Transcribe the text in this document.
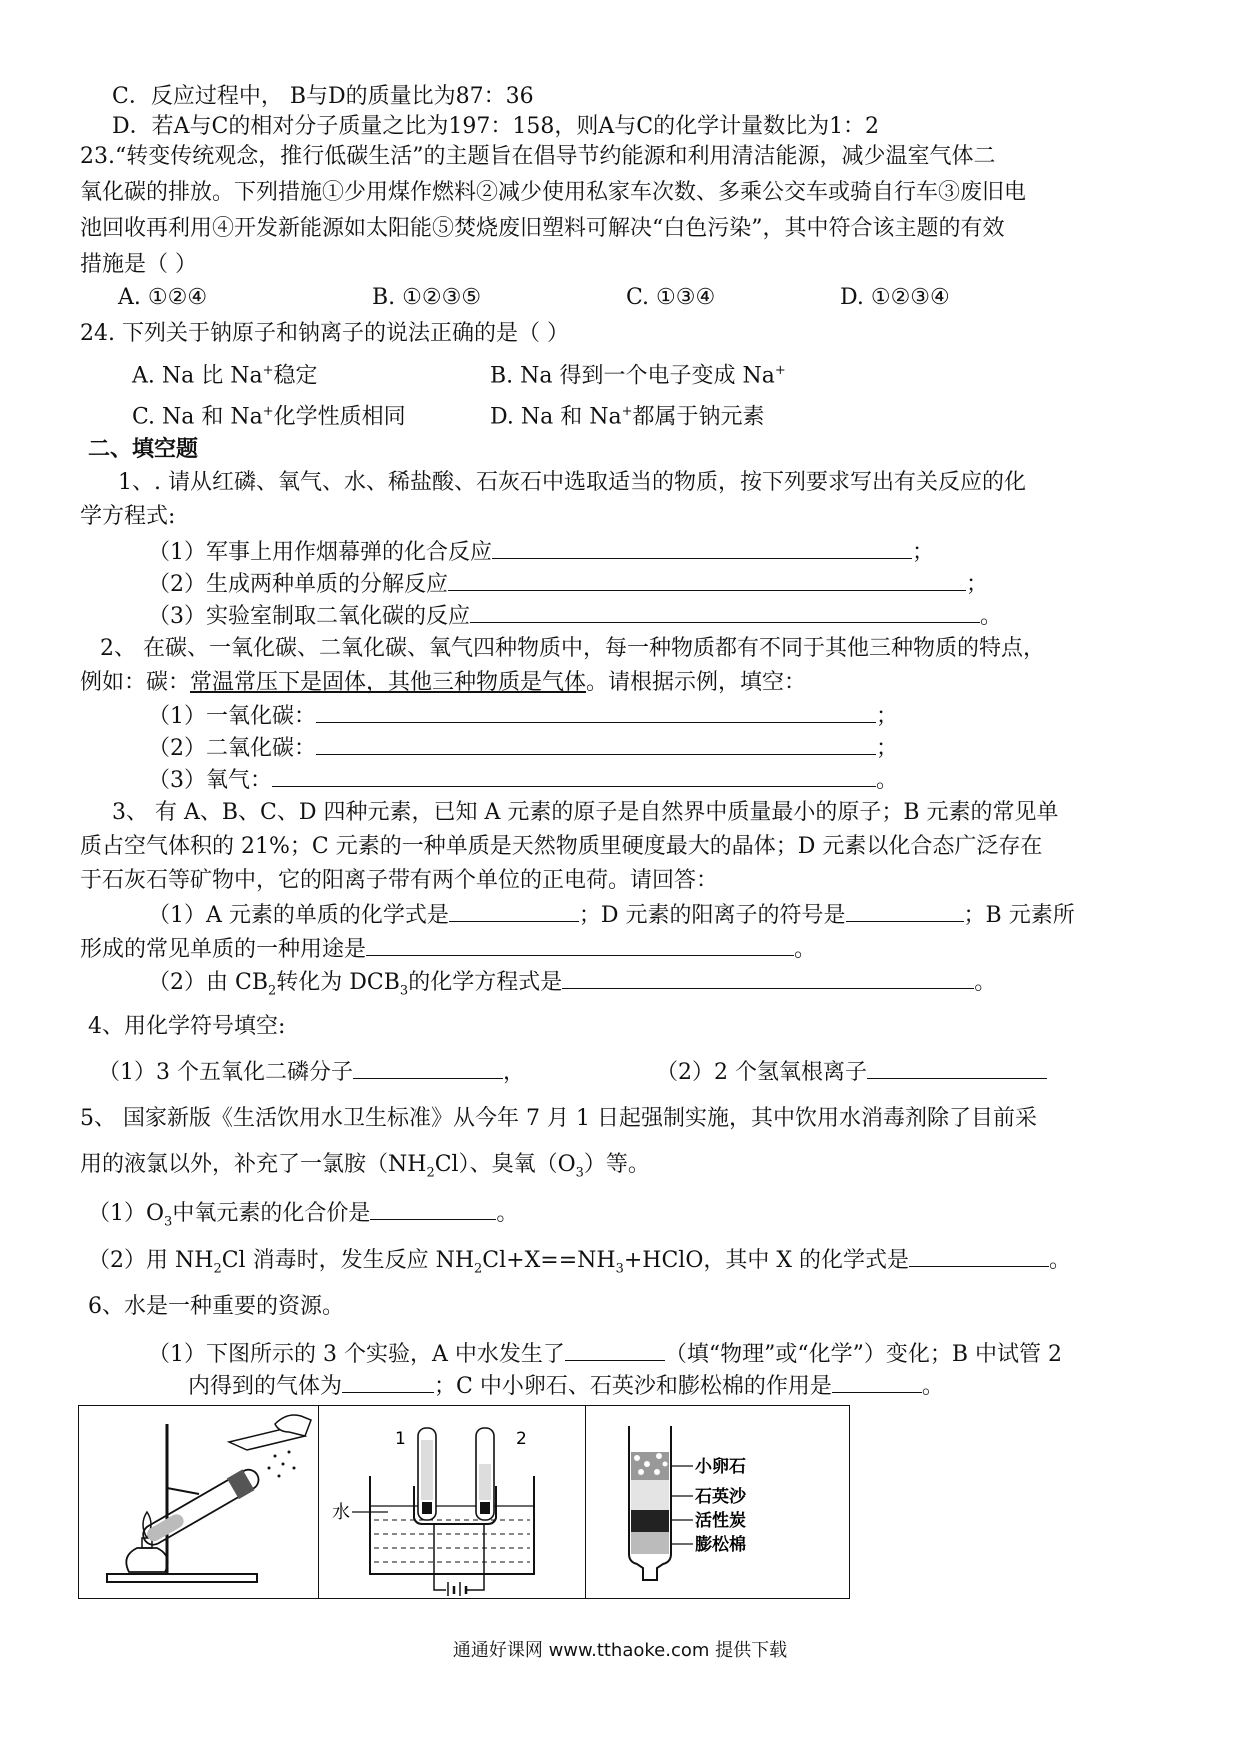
C．反应过程中， B与D的质量比为87：36
D．若A与C的相对分子质量之比为197：158，则A与C的化学计量数比为1：2
23.“转变传统观念，推行低碳生活”的主题旨在倡导节约能源和利用清洁能源，减少温室气体二
氧化碳的排放。下列措施①少用煤作燃料②减少使用私家车次数、多乘公交车或骑自行车③废旧电
池回收再利用④开发新能源如太阳能⑤焚烧废旧塑料可解决“白色污染”，其中符合该主题的有效
措施是（ ）
A. ①②④	B. ①②③⑤	C. ①③④	D. ①②③④
24. 下列关于钠原子和钠离子的说法正确的是（ ）
A. Na 比 Na+稳定	B. Na 得到一个电子变成 Na+
C. Na 和 Na+化学性质相同	D. Na 和 Na+都属于钠元素
二、填空题
1、. 请从红磷、氧气、水、稀盐酸、石灰石中选取适当的物质，按下列要求写出有关反应的化
学方程式:
（1）军事上用作烟幕弹的化合反应	；
（2）生成两种单质的分解反应	；
（3）实验室制取二氧化碳的反应	。
2、 在碳、一氧化碳、二氧化碳、氧气四种物质中，每一种物质都有不同于其他三种物质的特点，
例如：碳：常温常压下是固体，其他三种物质是气体。请根据示例，填空：
（1）一氧化碳：	；
（2）二氧化碳：	；
（3）氧气：	。
3、 有 A、B、C、D 四种元素，已知 A 元素的原子是自然界中质量最小的原子；B 元素的常见单
质占空气体积的 21%；C 元素的一种单质是天然物质里硬度最大的晶体；D 元素以化合态广泛存在
于石灰石等矿物中，它的阳离子带有两个单位的正电荷。请回答：
（1）A 元素的单质的化学式是	；D 元素的阳离子的符号是	；B 元素所
形成的常见单质的一种用途是	。
（2）由 $CB_2$转化为 $DCB_3$的化学方程式是	。
4、用化学符号填空:
（1）3 个五氧化二磷分子	，	（2）2 个氢氧根离子
5、 国家新版《生活饮用水卫生标准》从今年 7 月 1 日起强制实施，其中饮用水消毒剂除了目前采
用的液氯以外，补充了一氯胺$(NH_2Cl)$、臭氧$(O_3)$等。
$(1)O_3$中氧元素的化合价是	。
（2）用 $NH_2Cl$ 消毒时，发生反应 $NH_2Cl+X==NH_3+HClO$，其中 X 的化学式是	。
6、水是一种重要的资源。
（1）下图所示的 3 个实验，A 中水发生了	（填“物理”或“化学”）变化；B 中试管 2
内得到的气体为	；C 中小卵石、石英沙和膨松棉的作用是	。
1	2
水
小卵石
石英沙
活性炭
膨松棉
通通好课网 www.tthaoke.com 提供下载
